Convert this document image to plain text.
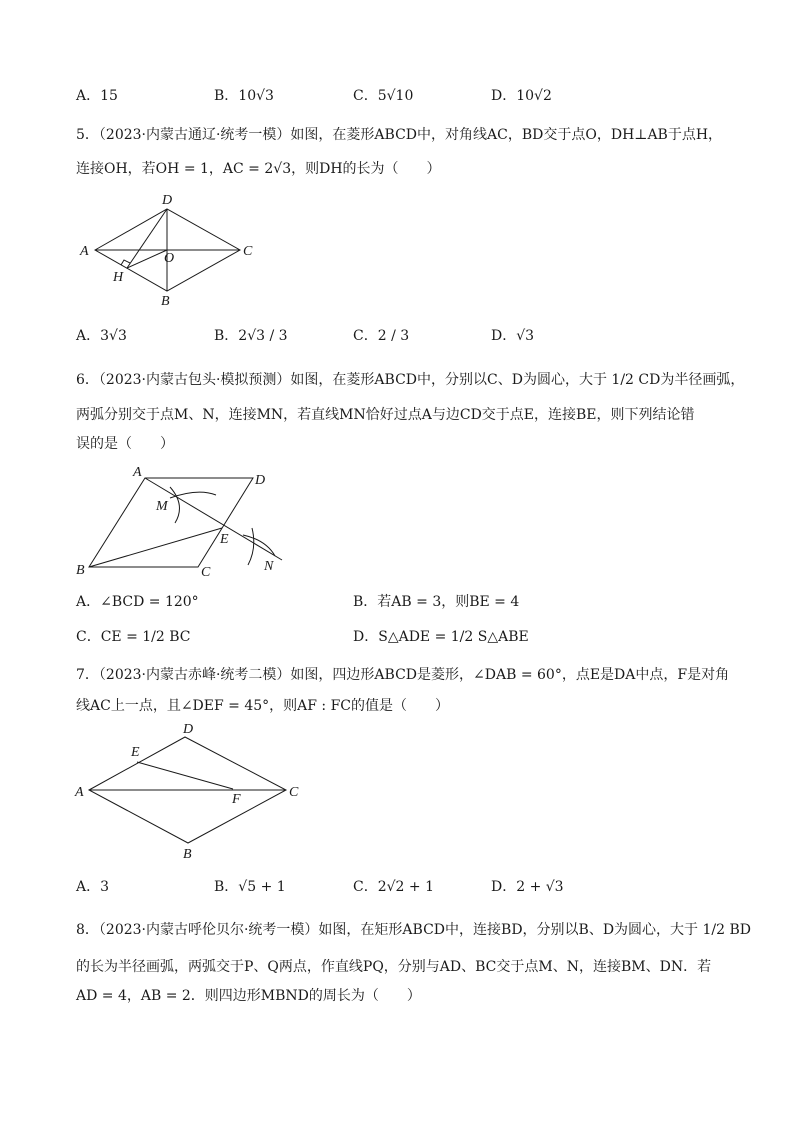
A．15	B．10√3	C．5√10	D．10√2
5．（2023·内蒙古通辽·统考一模）如图，在菱形ABCD中，对角线AC，BD交于点O，DH⊥AB于点H，
连接OH，若OH = 1，AC = 2√3，则DH的长为（　　）
D
A	C
O
H
B
A．3√3	B．2√3 / 3	C．2 / 3	D．√3
6．（2023·内蒙古包头·模拟预测）如图，在菱形ABCD中，分别以C、D为圆心，大于 1/2 CD为半径画弧，
两弧分别交于点M、N，连接MN，若直线MN恰好过点A与边CD交于点E，连接BE，则下列结论错
误的是（　　）
A
D
M
E
B	C	N
A．∠BCD = 120°	B．若AB = 3，则BE = 4
C．CE = 1/2 BC	D．S△ADE = 1/2 S△ABE
7．（2023·内蒙古赤峰·统考二模）如图，四边形ABCD是菱形，∠DAB = 60°，点E是DA中点，F是对角
线AC上一点，且∠DEF = 45°，则AF : FC的值是（　　）
D
E
A	C
F
B
A．3	B．√5 + 1	C．2√2 + 1	D．2 + √3
8．（2023·内蒙古呼伦贝尔·统考一模）如图，在矩形ABCD中，连接BD，分别以B、D为圆心，大于 1/2 BD
的长为半径画弧，两弧交于P、Q两点，作直线PQ，分别与AD、BC交于点M、N，连接BM、DN．若
AD = 4，AB = 2．则四边形MBND的周长为（　　）
